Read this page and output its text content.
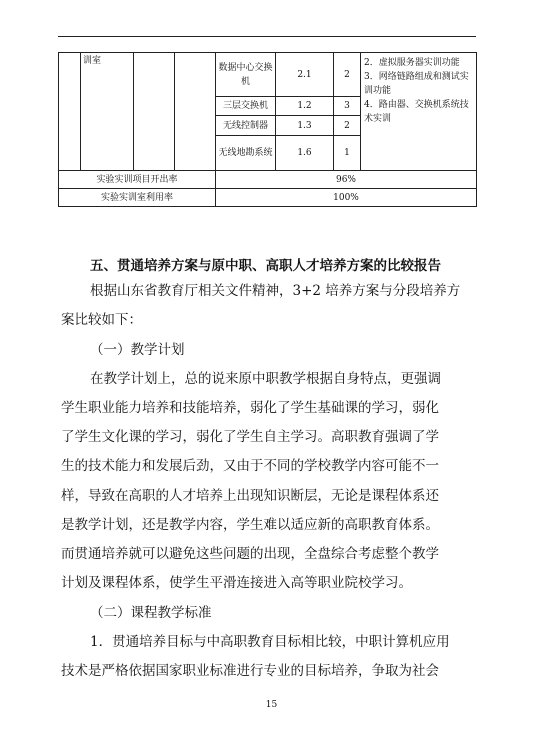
	训室			数据中心交换机	2.1	2	2．虚拟服务器实训功能
3．网络链路组成和测试实训功能
4．路由器、交换机系统技术实训

				三层交换机	1.2	3	
				无线控制器	1.3	2	
				无线地勘系统	1.6	1	
实验实训项目开出率				96%			
实验实训室利用率				100%			
五、贯通培养方案与原中职、高职人才培养方案的比较报告
根据山东省教育厅相关文件精神，3+2 培养方案与分段培养方
案比较如下：
（一）教学计划
在教学计划上，总的说来原中职教学根据自身特点，更强调
学生职业能力培养和技能培养，弱化了学生基础课的学习，弱化
了学生文化课的学习，弱化了学生自主学习。高职教育强调了学
生的技术能力和发展后劲，又由于不同的学校教学内容可能不一
样，导致在高职的人才培养上出现知识断层，无论是课程体系还
是教学计划，还是教学内容，学生难以适应新的高职教育体系。
而贯通培养就可以避免这些问题的出现，全盘综合考虑整个教学
计划及课程体系，使学生平滑连接进入高等职业院校学习。
（二）课程教学标准
1．贯通培养目标与中高职教育目标相比较，中职计算机应用
技术是严格依据国家职业标准进行专业的目标培养，争取为社会
15
